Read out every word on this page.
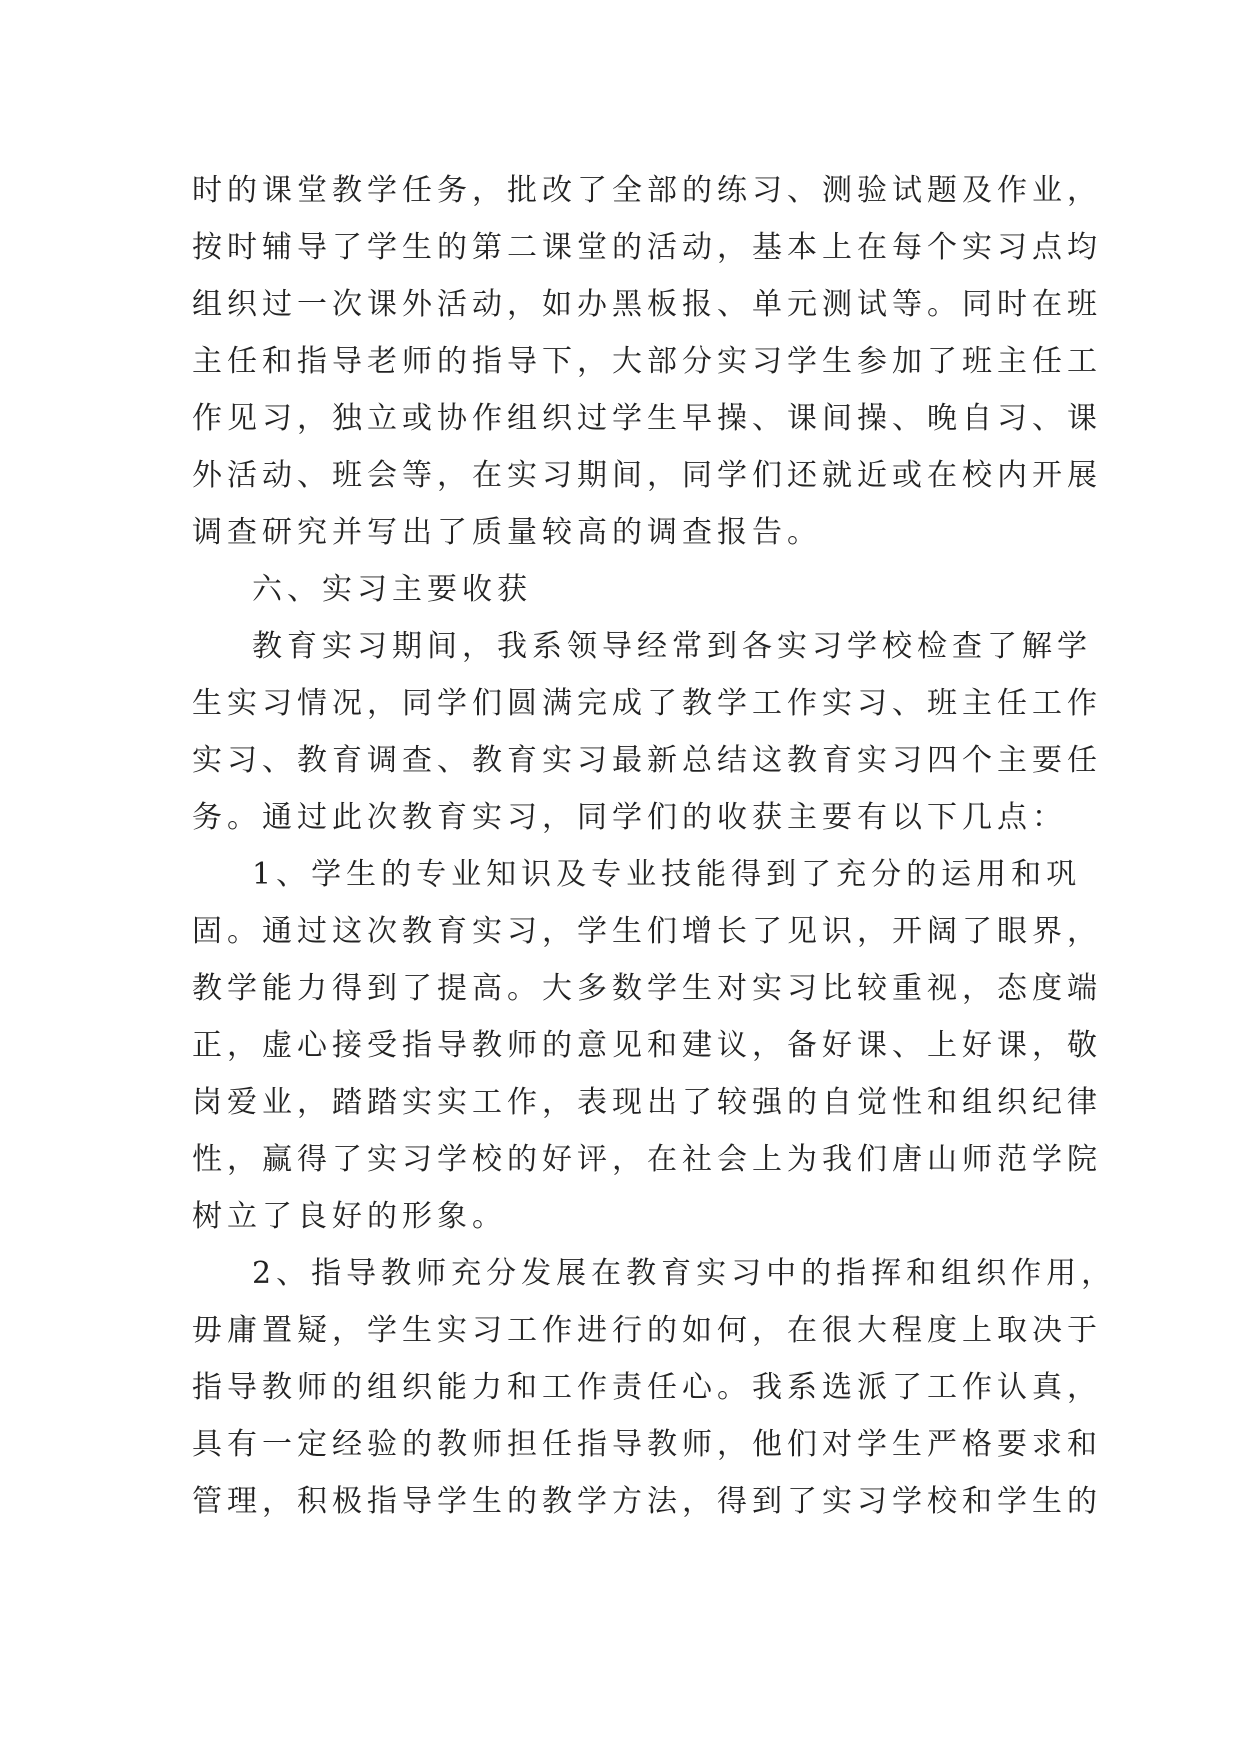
时的课堂教学任务，批改了全部的练习、测验试题及作业，
按时辅导了学生的第二课堂的活动，基本上在每个实习点均
组织过一次课外活动，如办黑板报、单元测试等。同时在班
主任和指导老师的指导下，大部分实习学生参加了班主任工
作见习，独立或协作组织过学生早操、课间操、晚自习、课
外活动、班会等，在实习期间，同学们还就近或在校内开展
调查研究并写出了质量较高的调查报告。
六、实习主要收获
教育实习期间，我系领导经常到各实习学校检查了解学
生实习情况，同学们圆满完成了教学工作实习、班主任工作
实习、教育调查、教育实习最新总结这教育实习四个主要任
务。通过此次教育实习，同学们的收获主要有以下几点：
1、学生的专业知识及专业技能得到了充分的运用和巩
固。通过这次教育实习，学生们增长了见识，开阔了眼界，
教学能力得到了提高。大多数学生对实习比较重视，态度端
正，虚心接受指导教师的意见和建议，备好课、上好课，敬
岗爱业，踏踏实实工作，表现出了较强的自觉性和组织纪律
性，赢得了实习学校的好评，在社会上为我们唐山师范学院
树立了良好的形象。
2、指导教师充分发展在教育实习中的指挥和组织作用，
毋庸置疑，学生实习工作进行的如何，在很大程度上取决于
指导教师的组织能力和工作责任心。我系选派了工作认真，
具有一定经验的教师担任指导教师，他们对学生严格要求和
管理，积极指导学生的教学方法，得到了实习学校和学生的
